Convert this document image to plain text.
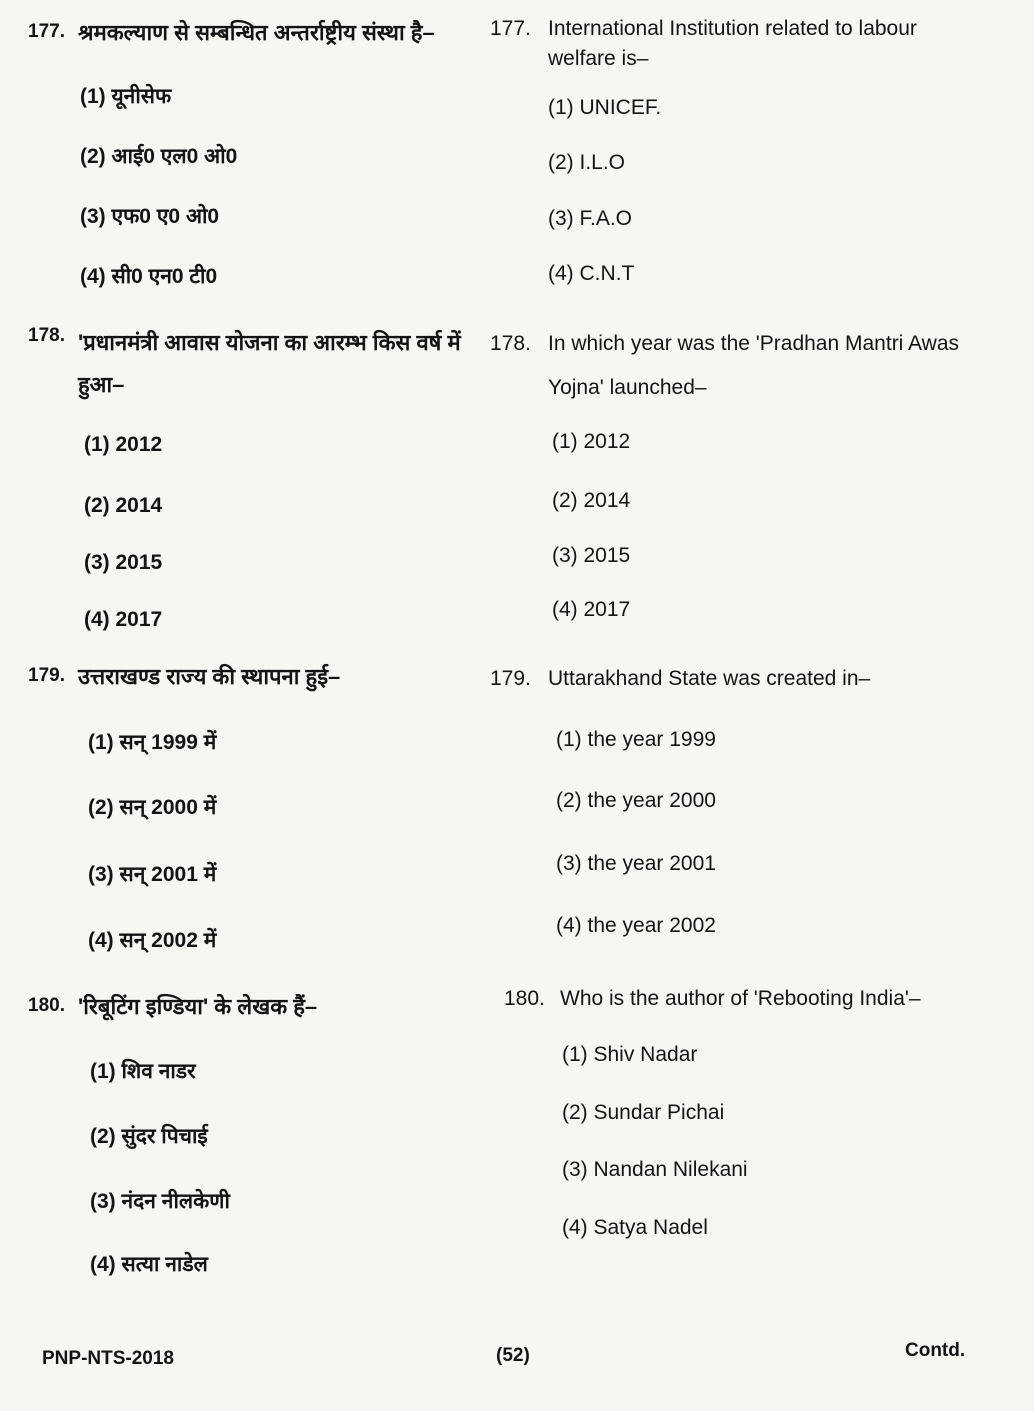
177. श्रमकल्याण से सम्बन्धित अन्तर्राष्ट्रीय संस्था है–
(1) यूनीसेफ
(2) आई0 एल0 ओ0
(3) एफ0 ए0 ओ0
(4) सी0 एन0 टी0
178. 'प्रधानमंत्री आवास योजना का आरम्भ किस वर्ष में हुआ–
(1) 2012
(2) 2014
(3) 2015
(4) 2017
179. उत्तराखण्ड राज्य की स्थापना हुई–
(1) सन् 1999 में
(2) सन् 2000 में
(3) सन् 2001 में
(4) सन् 2002 में
180. 'रिबूटिंग इण्डिया' के लेखक हैं–
(1) शिव नाडर
(2) सुंदर पिचाई
(3) नंदन नीलकेणी
(4) सत्या नाडेल
177. International Institution related to labour welfare is–
(1) UNICEF.
(2) I.L.O
(3) F.A.O
(4) C.N.T
178. In which year was the 'Pradhan Mantri Awas Yojna' launched–
(1) 2012
(2) 2014
(3) 2015
(4) 2017
179. Uttarakhand State was created in–
(1) the year 1999
(2) the year 2000
(3) the year 2001
(4) the year 2002
180. Who is the author of 'Rebooting India'–
(1) Shiv Nadar
(2) Sundar Pichai
(3) Nandan Nilekani
(4) Satya Nadel
PNP-NTS-2018	(52)	Contd.
